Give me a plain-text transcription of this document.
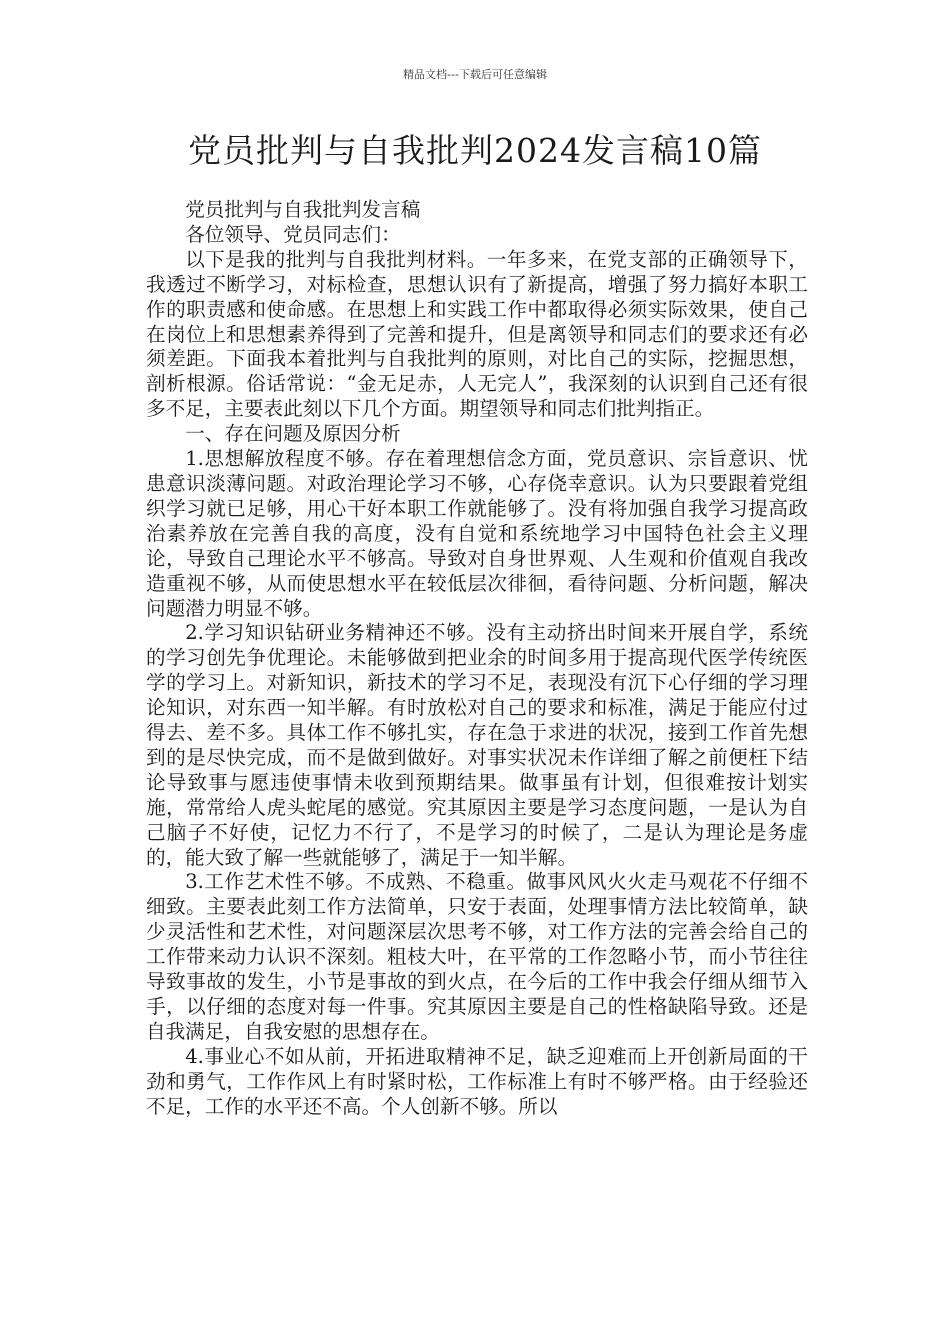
精品文档---下载后可任意编辑
党员批判与自我批判2024发言稿10篇

党员批判与自我批判发言稿

各位领导、党员同志们：

以下是我的批判与自我批判材料。一年多来，在党支部的正确领导下，我透过不断学习，对标检查，思想认识有了新提高，增强了努力搞好本职工作的职责感和使命感。在思想上和实践工作中都取得必须实际效果，使自己在岗位上和思想素养得到了完善和提升，但是离领导和同志们的要求还有必须差距。下面我本着批判与自我批判的原则，对比自己的实际，挖掘思想，剖析根源。俗话常说：“金无足赤，人无完人”，我深刻的认识到自己还有很多不足，主要表此刻以下几个方面。期望领导和同志们批判指正。

一、存在问题及原因分析

1.思想解放程度不够。存在着理想信念方面，党员意识、宗旨意识、忧患意识淡薄问题。对政治理论学习不够，心存侥幸意识。认为只要跟着党组织学习就已足够，用心干好本职工作就能够了。没有将加强自我学习提高政治素养放在完善自我的高度，没有自觉和系统地学习中国特色社会主义理论，导致自己理论水平不够高。导致对自身世界观、人生观和价值观自我改造重视不够，从而使思想水平在较低层次徘徊，看待问题、分析问题，解决问题潜力明显不够。

2.学习知识钻研业务精神还不够。没有主动挤出时间来开展自学，系统的学习创先争优理论。未能够做到把业余的时间多用于提高现代医学传统医学的学习上。对新知识，新技术的学习不足，表现没有沉下心仔细的学习理论知识，对东西一知半解。有时放松对自己的要求和标准，满足于能应付过得去、差不多。具体工作不够扎实，存在急于求进的状况，接到工作首先想到的是尽快完成，而不是做到做好。对事实状况未作详细了解之前便枉下结论导致事与愿违使事情未收到预期结果。做事虽有计划，但很难按计划实施，常常给人虎头蛇尾的感觉。究其原因主要是学习态度问题，一是认为自己脑子不好使，记忆力不行了，不是学习的时候了，二是认为理论是务虚的，能大致了解一些就能够了，满足于一知半解。

3.工作艺术性不够。不成熟、不稳重。做事风风火火走马观花不仔细不细致。主要表此刻工作方法简单，只安于表面，处理事情方法比较简单，缺少灵活性和艺术性，对问题深层次思考不够，对工作方法的完善会给自己的工作带来动力认识不深刻。粗枝大叶，在平常的工作忽略小节，而小节往往导致事故的发生，小节是事故的到火点，在今后的工作中我会仔细从细节入手，以仔细的态度对每一件事。究其原因主要是自己的性格缺陷导致。还是自我满足，自我安慰的思想存在。

4.事业心不如从前，开拓进取精神不足，缺乏迎难而上开创新局面的干劲和勇气，工作作风上有时紧时松，工作标准上有时不够严格。由于经验还不足，工作的水平还不高。个人创新不够。所以
